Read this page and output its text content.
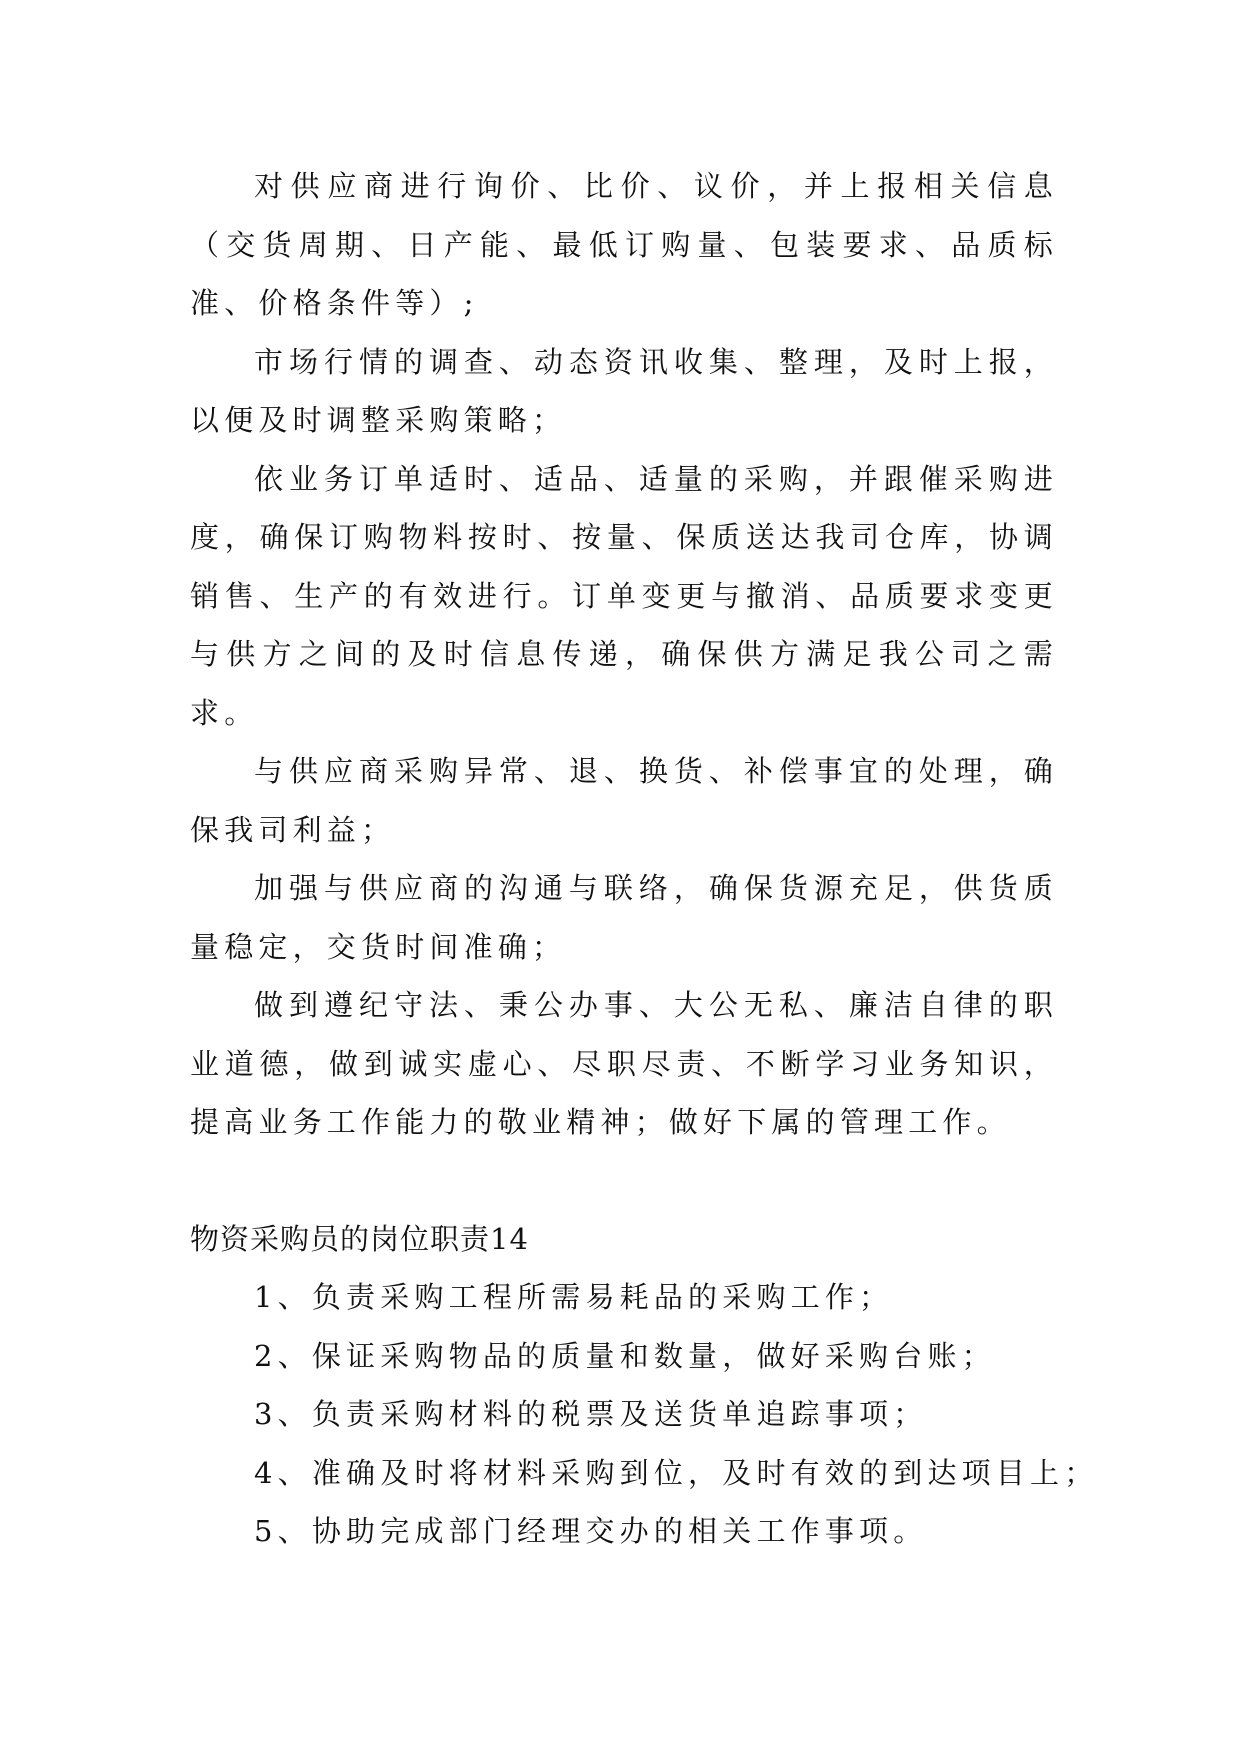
对供应商进行询价、比价、议价，并上报相关信息（交货周期、日产能、最低订购量、包装要求、品质标准、价格条件等）;

市场行情的调查、动态资讯收集、整理，及时上报，以便及时调整采购策略；

依业务订单适时、适品、适量的采购，并跟催采购进度，确保订购物料按时、按量、保质送达我司仓库，协调销售、生产的有效进行。订单变更与撤消、品质要求变更与供方之间的及时信息传递，确保供方满足我公司之需求。

与供应商采购异常、退、换货、补偿事宜的处理，确保我司利益；

加强与供应商的沟通与联络，确保货源充足，供货质量稳定，交货时间准确；

做到遵纪守法、秉公办事、大公无私、廉洁自律的职业道德，做到诚实虚心、尽职尽责、不断学习业务知识，提高业务工作能力的敬业精神；做好下属的管理工作。

物资采购员的岗位职责14

1、负责采购工程所需易耗品的采购工作；

2、保证采购物品的质量和数量，做好采购台账；

3、负责采购材料的税票及送货单追踪事项；

4、准确及时将材料采购到位，及时有效的到达项目上；

5、协助完成部门经理交办的相关工作事项。
